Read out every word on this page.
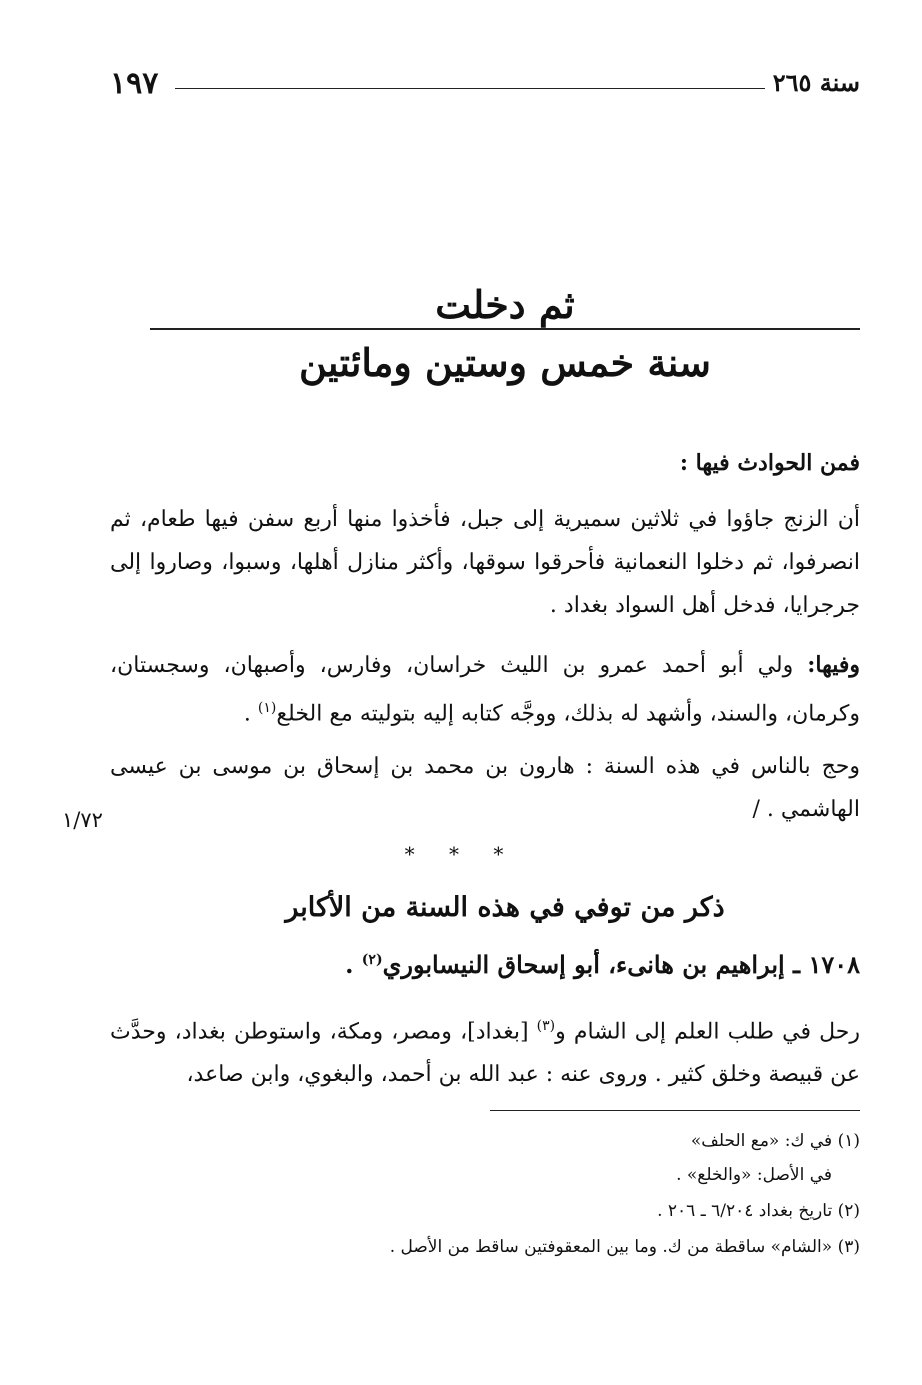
١٩٧	سنة ٢٦٥
ثم دخلت
سنة خمس وستين ومائتين
فمن الحوادث فيها :
أن الزنج جاؤوا في ثلاثين سميرية إلى جبل، فأخذوا منها أربع سفن فيها طعام، ثم انصرفوا، ثم دخلوا النعمانية فأحرقوا سوقها، وأكثر منازل أهلها، وسبوا، وصاروا إلى جرجرايا، فدخل أهل السواد بغداد .
وفيها: ولي أبو أحمد عمرو بن الليث خراسان، وفارس، وأصبهان، وسجستان، وكرمان، والسند، وأشهد له بذلك، ووجَّه كتابه إليه بتوليته مع الخلع$^{(١)}$ .
وحج بالناس في هذه السنة : هارون بن محمد بن إسحاق بن موسى بن عيسى الهاشمي . /
١/٧٢
* * *
ذكر من توفي في هذه السنة من الأكابر
١٧٠٨ ـ إبراهيم بن هانىء، أبو إسحاق النيسابوري$^{(٢)}$ .
رحل في طلب العلم إلى الشام و$^{(٣)}$ [بغداد]، ومصر، ومكة، واستوطن بغداد، وحدَّث عن قبيصة وخلق كثير . وروى عنه : عبد الله بن أحمد، والبغوي، وابن صاعد،
(١) في ك: «مع الحلف»
في الأصل: «والخلع» .
(٢) تاريخ بغداد ٦/٢٠٤ ـ ٢٠٦ .
(٣) «الشام» ساقطة من ك. وما بين المعقوفتين ساقط من الأصل .
